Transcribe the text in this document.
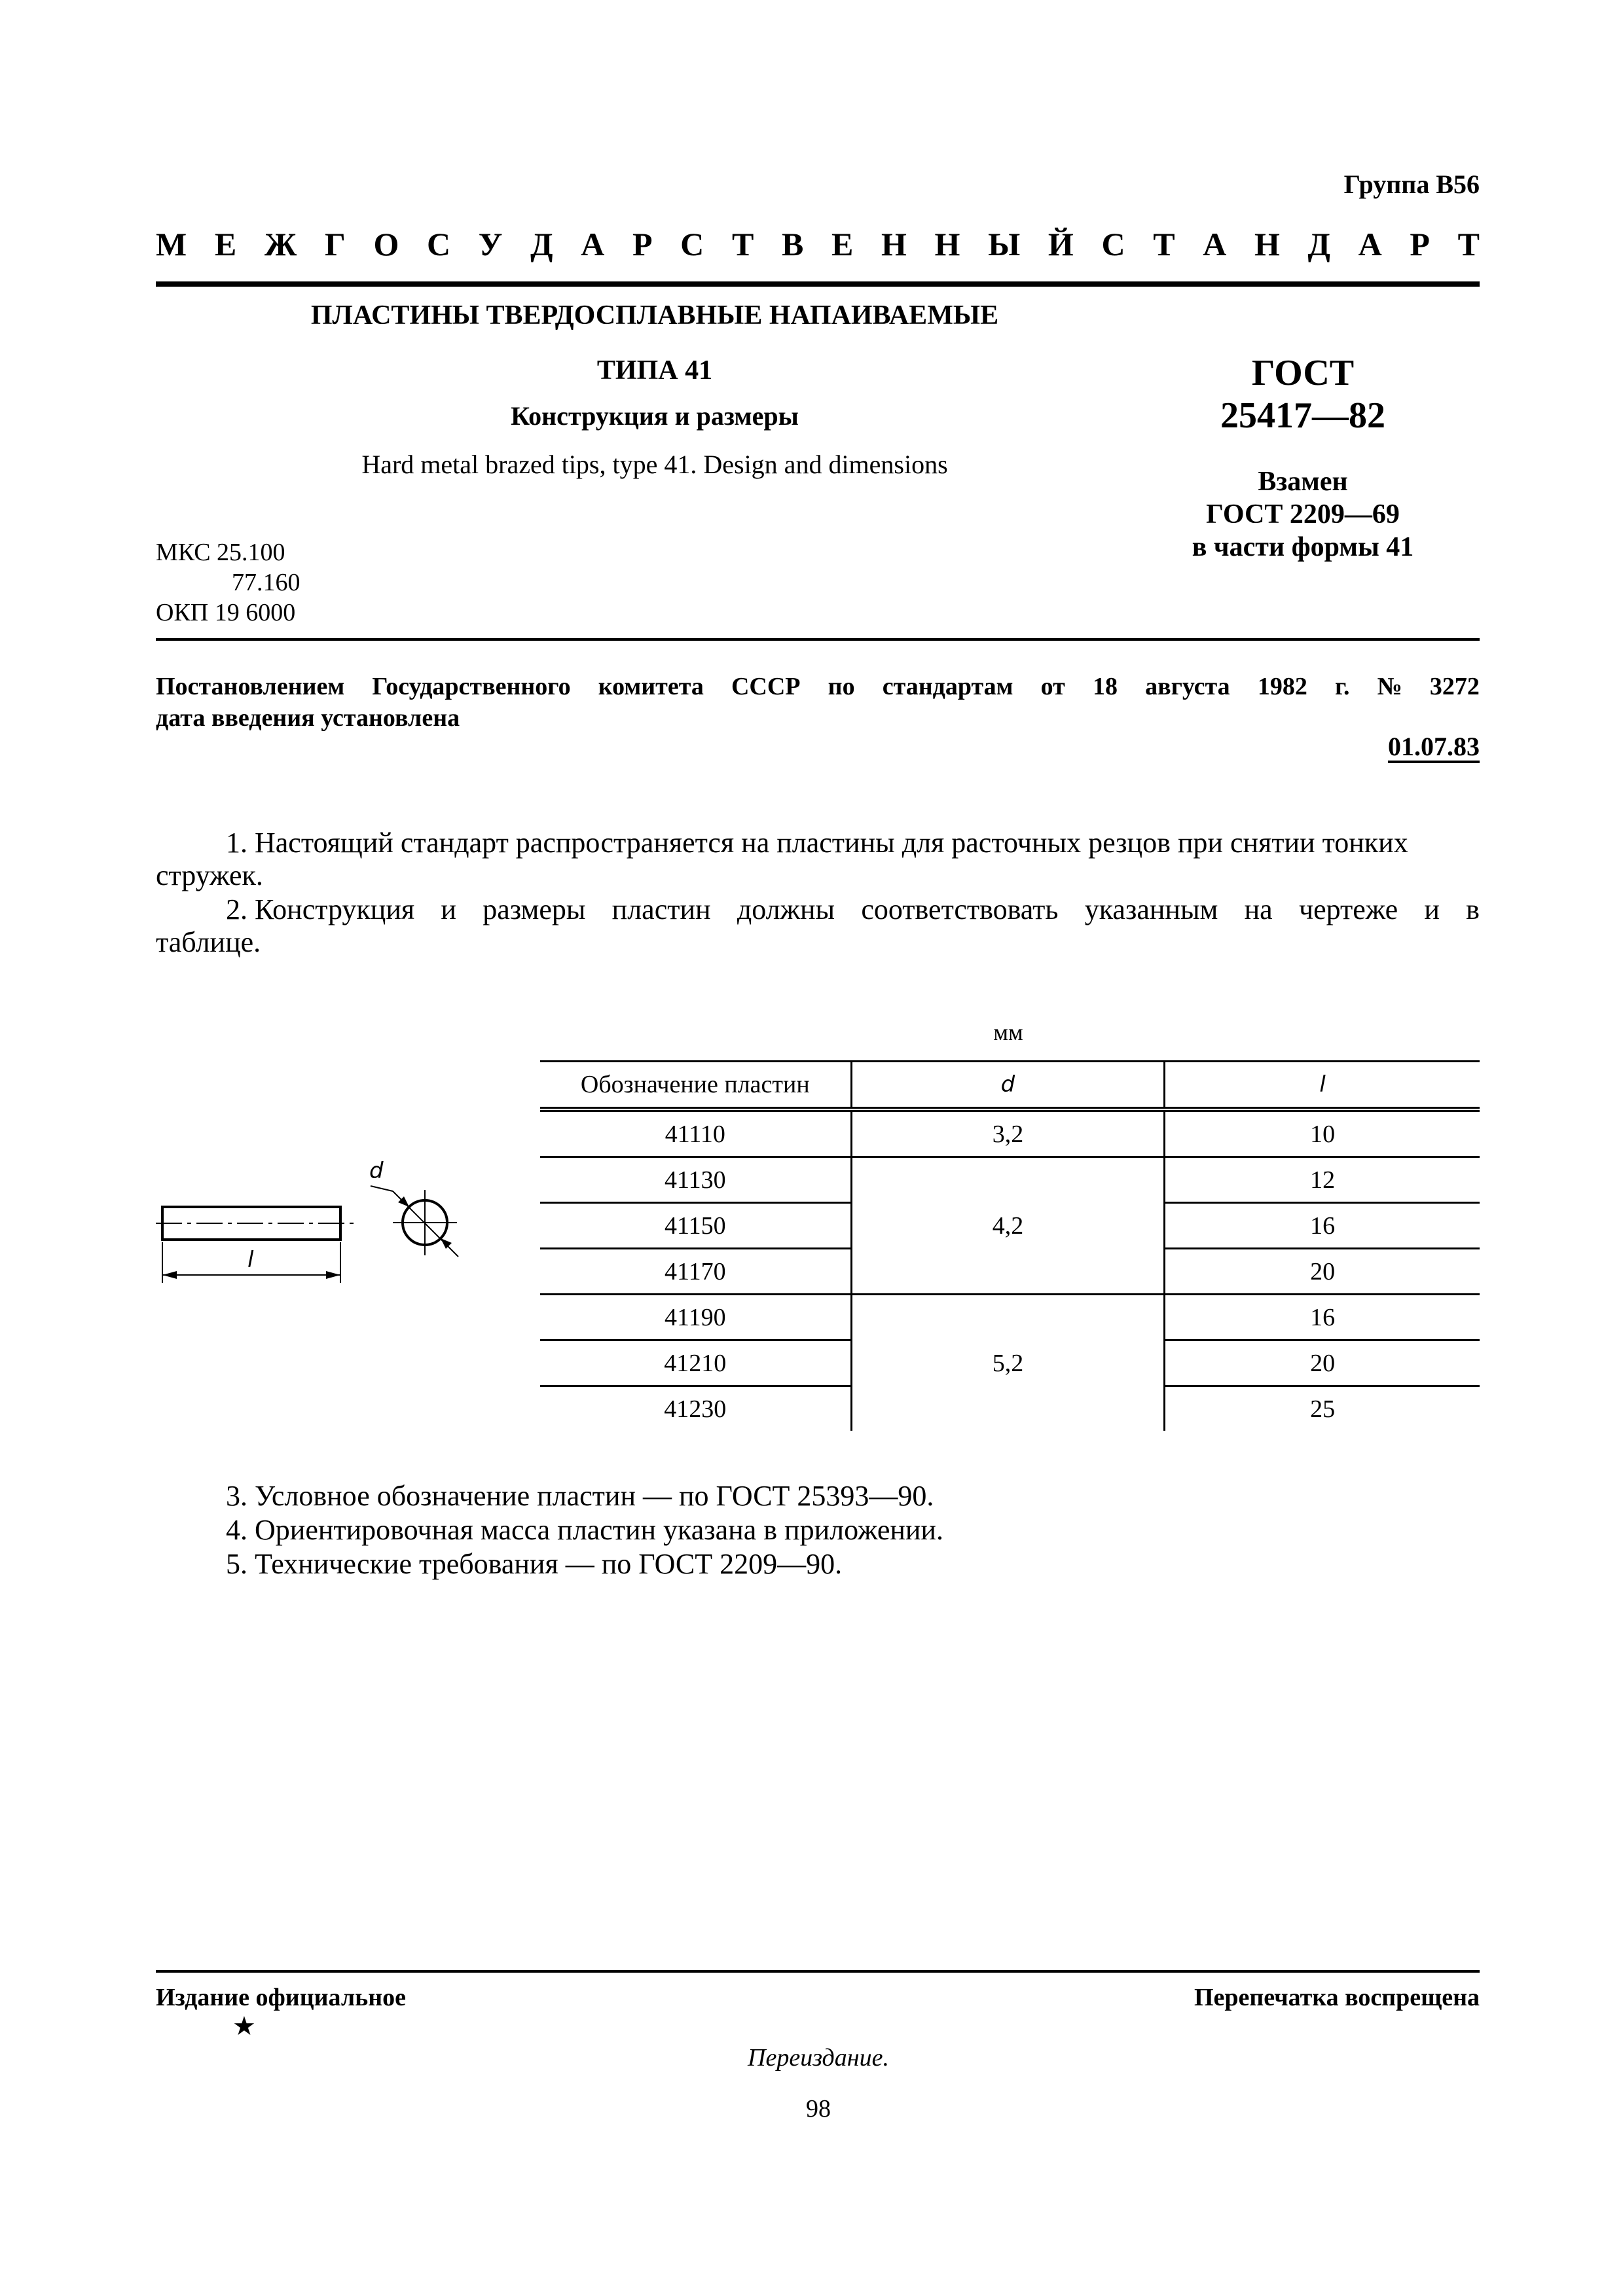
Группа В56
М Е Ж Г О С У Д А Р С Т В Е Н Н Ы Й С Т А Н Д А Р Т
ПЛАСТИНЫ ТВЕРДОСПЛАВНЫЕ НАПАИВАЕМЫЕ
ТИПА 41
Конструкция и размеры
Hard metal brazed tips, type 41. Design and dimensions
ГОСТ
25417—82
Взамен
ГОСТ 2209—69
в части формы 41
МКС 25.100
77.160
ОКП 19 6000
Постановлением Государственного комитета СССР по стандартам от 18 августа 1982 г. № 3272
дата введения установлена
01.07.83
1. Настоящий стандарт распространяется на пластины для расточных резцов при снятии тонких
стружек.
2. Конструкция и размеры пластин должны соответствовать указанным на чертеже и в
таблице.
мм
Обозначение пластин	d	l
41110	3,2	10
41130	4,2	12
41150		16
41170		20
41190	5,2	16
41210		20
41230		25
d
l
3. Условное обозначение пластин — по ГОСТ 25393—90.
4. Ориентировочная масса пластин указана в приложении.
5. Технические требования — по ГОСТ 2209—90.
Издание официальное	Перепечатка воспрещена
★
Переиздание.
98
